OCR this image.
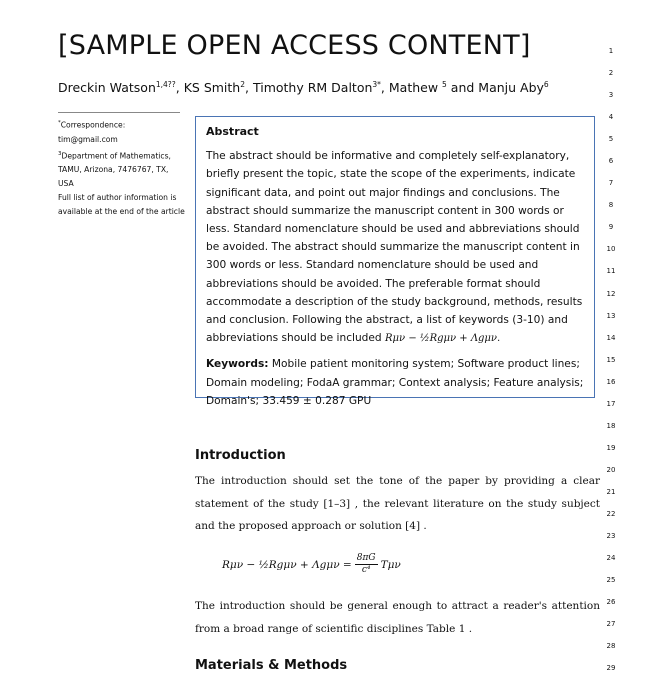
[SAMPLE OPEN ACCESS CONTENT]
Dreckin Watson$^{1,4??}$, KS Smith$^2$, Timothy RM Dalton$^{3*}$, Mathew $^5$ and Manju Aby$^6$

*Correspondence: tim@gmail.com

$^3$Department of Mathematics, TAMU, Arizona, 7476767, TX, USA

Full list of author information is available at the end of the article

Abstract

The abstract should be informative and completely self-explanatory, briefly present the topic, state the scope of the experiments, indicate significant data, and point out major findings and conclusions. The abstract should summarize the manuscript content in 300 words or less. Standard nomenclature should be used and abbreviations should be avoided. The abstract should summarize the manuscript content in 300 words or less. Standard nomenclature should be used and abbreviations should be avoided. The preferable format should accommodate a description of the study background, methods, results and conclusion. Following the abstract, a list of keywords (3-10) and abbreviations should be included Rμν − ½Rgμν + Λgμν.

Keywords: Mobile patient monitoring system; Software product lines; Domain modeling; FodaA grammar; Context analysis; Feature analysis; Domain's; 33.459 ± 0.287 GPU

1
2
3
4
5
6
7
8
9
10
11
12
13
14
15
16
17
18
19
20
21
22
23
24
25
26
27
28
29
Introduction

The introduction should set the tone of the paper by providing a clear statement of the study [1–3] , the relevant literature on the study subject and the proposed approach or solution [4] .

Rμν − ½Rgμν + $\Lambda g\mu\nu = \frac{8\pi G}{\text{c⁴}}$ Tμν

The introduction should be general enough to attract a reader's attention from a broad range of scientific disciplines Table 1 .

Materials & Methods
